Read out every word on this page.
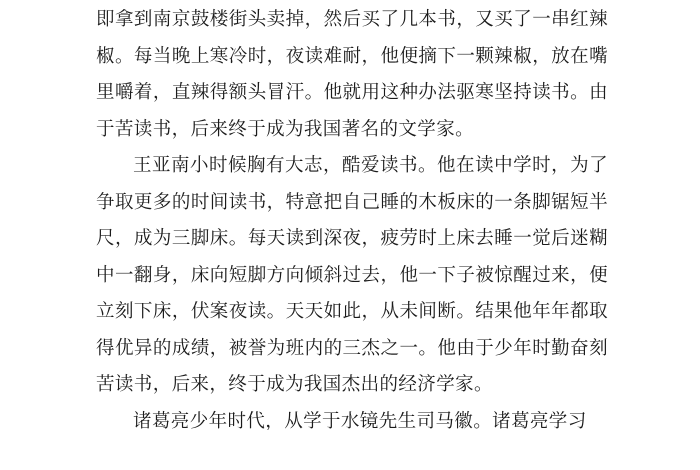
即拿到南京鼓楼街头卖掉，然后买了几本书，又买了一串红辣椒。每当晚上寒冷时，夜读难耐，他便摘下一颗辣椒，放在嘴里嚼着，直辣得额头冒汗。他就用这种办法驱寒坚持读书。由于苦读书，后来终于成为我国著名的文学家。

王亚南小时候胸有大志，酷爱读书。他在读中学时，为了争取更多的时间读书，特意把自己睡的木板床的一条脚锯短半尺，成为三脚床。每天读到深夜，疲劳时上床去睡一觉后迷糊中一翻身，床向短脚方向倾斜过去，他一下子被惊醒过来，便立刻下床，伏案夜读。天天如此，从未间断。结果他年年都取得优异的成绩，被誉为班内的三杰之一。他由于少年时勤奋刻苦读书，后来，终于成为我国杰出的经济学家。

诸葛亮少年时代，从学于水镜先生司马徽。诸葛亮学习
